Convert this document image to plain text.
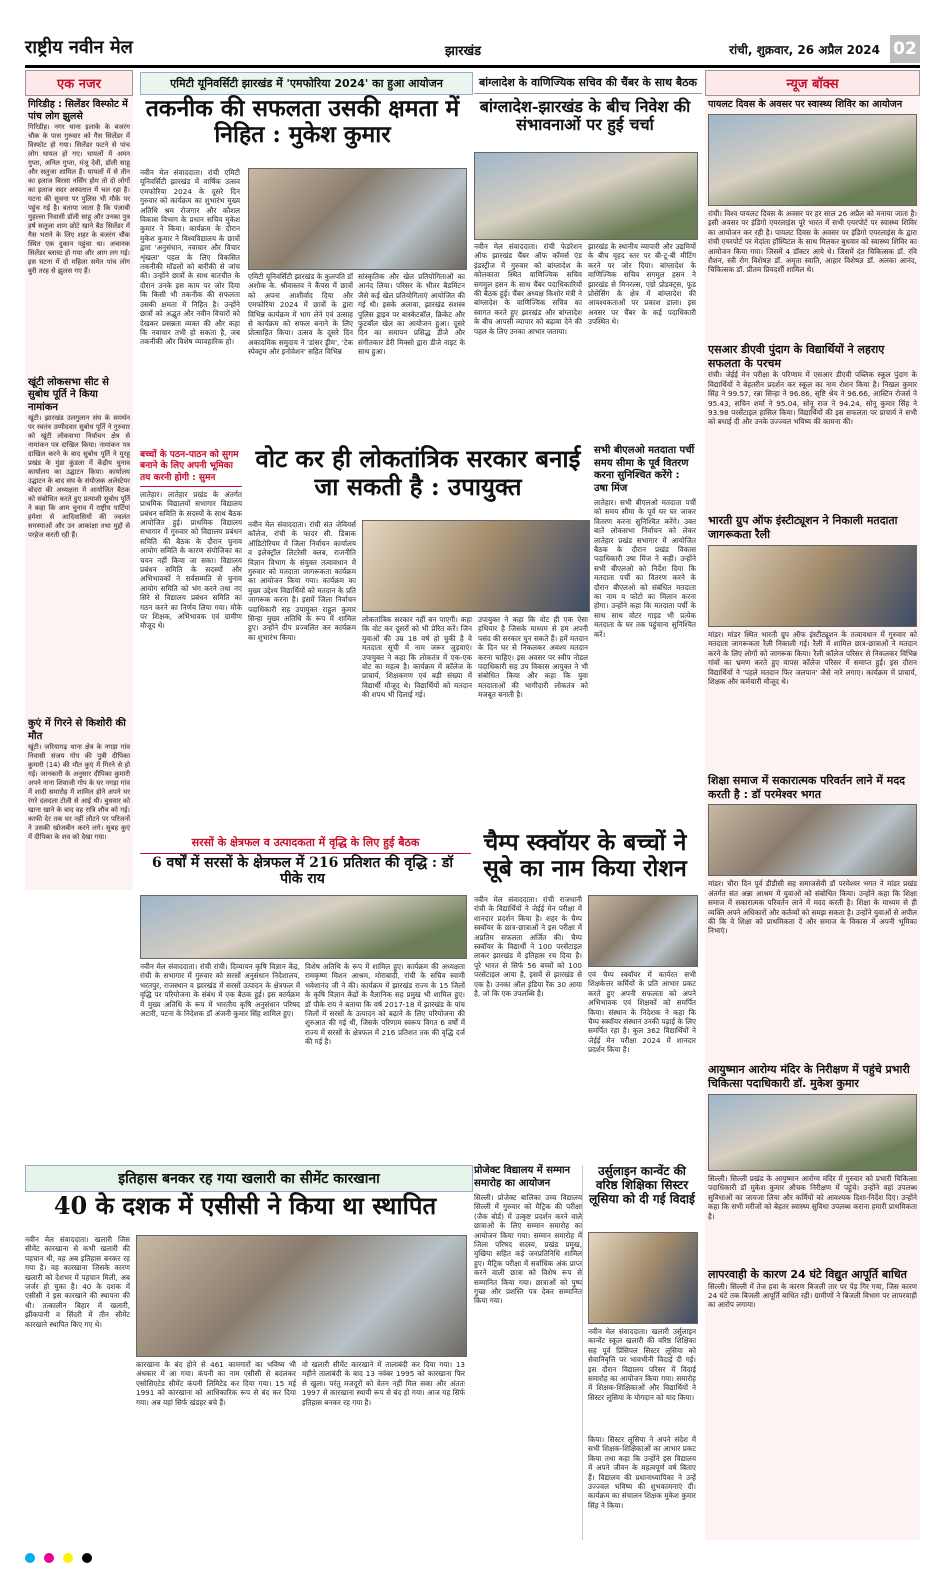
राष्ट्रीय नवीन मेल	झारखंड	रांची, शुक्रवार, 26 अप्रैल 2024 02
एक नजर
गिरिडीह : सिलेंडर विस्फोट में पांच लोग झुलसे
गिरिडीह। नगर थाना इलाके के बजरंग चौक के पास गुरुवार को गैस सिलेंडर में विस्फोट हो गया। सिलेंडर फटने से पांच लोग घायल हो गए। घायलों में अमन गुप्ता, अनिल गुप्ता, मंजू देवी, डॉली साहू और सलुजा शामिल हैं। घायलों में से तीन का इलाज बिरसा नर्सिंग होम तो दो लोगों का इलाज सदर अस्पताल में चल रहा है। घटना की सूचना पर पुलिस भी मौके पर पहुंच गई है। बताया जाता है कि पंजाबी मुहल्ला निवासी डॉली साहू और उनका पुत्र हर्ष सलूजा शाम छोटे खाने बैठ सिलेंडर में गैस भराने के लिए शहर के बजरंग चौक स्थित एक दुकान पहुंचा था। अचानक सिलेंडर ब्लास्ट हो गया और आग लग गई। इस घटना में दो महिला समेत पांच लोग बुरी तरह से झुलस गए हैं।
खूंटी लोकसभा सीट से सुबोध पूर्ति ने किया नामांकन
खूंटी। झारखंड उलगुलान संघ के समर्थन पर स्वतंत्र उम्मीदवार सुबोध पूर्ति ने गुरुवार को खूंटी लोकसभा निर्वाचन क्षेत्र से नामांकन पत्र दाखिल किया। नामांकन पत्र दाखिल करने के बाद सुबोध पूर्ति ने मुरहू प्रखंड के मुंडा कुंडला में केंद्रीय चुनाव कार्यालय का उद्घाटन किया। कार्यालय उद्घाटन के बाद संघ के संयोजक अलेस्टेयर बोदरा की अध्यक्षता में आयोजित बैठक को संबोधित करते हुए प्रत्याशी सुबोध पूर्ति ने कहा कि आम चुनाव में राष्ट्रीय पार्टियां हमेशा से आदिवासियों की ज्वलंत समस्याओं और उन आकांक्षा तथा मुद्दों से परहेज करती रही हैं।
कुएं में गिरने से किशोरी की मौत
खूंटी। जरियागढ़ थाना क्षेत्र के नगड़ा गांव निवासी संजय गोप की पुत्री दीपिका कुमारी (14) की मौत कुएं में गिरने से हो गई। जानकारी के अनुसार दीपिका कुमारी अपने नाना शिवाजी गोप के घर नगड़ा गांव में शादी समारोह में शामिल होने अपने घर रंगरे दलदला टोली से आई थी। बुधवार को खाना खाने के बाद वह रात्रि शौच को गई। काफी देर तक घर नहीं लौटने पर परिजनों ने उसकी खोजबीन करने लगे। सुबह कुएं में दीपिका के शव को देखा गया।
एमिटी यूनिवर्सिटी झारखंड में 'एमफोरिया 2024' का हुआ आयोजन
तकनीक की सफलता उसकी क्षमता में निहित : मुकेश कुमार
नवीन मेल संवाददाता। रांची एमिटी यूनिवर्सिटी झारखंड में वार्षिक उत्सव एमफोरिया 2024 के दूसरे दिन गुरुवार को कार्यक्रम का शुभारंभ मुख्य अतिथि श्रम रोजगार और कौशल विकास विभाग के प्रधान सचिव मुकेश कुमार ने किया। कार्यक्रम के दौरान मुकेश कुमार ने विश्वविद्यालय के छात्रों द्वारा 'अनुसंधान, नवाचार और विचार शृंखला' पहल के लिए विकसित तकनीकी मॉडलों को बारीकी से जांच की। उन्होंने छात्रों के साथ बातचीत के दौरान उनके इस काम पर जोर दिया कि किसी भी तकनीक की सफलता उसकी क्षमता में निहित है। उन्होंने छात्रों को अद्भुत और नवीन विचारों को देखकर प्रसन्नता व्यक्त की और कहा कि नवाचार तभी हो सकता है, जब तकनीकी और विशेष व्यावहारिक हो।
एमिटी यूनिवर्सिटी झारखंड के कुलपति डॉ अशोक के. श्रीवास्तव ने कैंपस में छात्रों को अपना आशीर्वाद दिया और एमफोरिया 2024 में छात्रों के द्वारा विभिन्न कार्यक्रम में भाग लेने एवं उत्साह से कार्यक्रम को सफल बनाने के लिए प्रोत्साहित किया। उत्सव के दूसरे दिन अकादमिक समुदाय ने 'डांसर ड्रीम', 'टेक स्पेक्ट्रम और इनोवेशन' सहित विभिन्न
सांस्कृतिक और खेल प्रतियोगिताओं का आनंद लिया। परिसर के भीतर बैडमिंटन जैसे कई खेल प्रतियोगिताएं आयोजित की गई थी। इसके अलावा, झारखंड सशस्त्र पुलिस ड्राइव पर बास्केटबॉल, क्रिकेट और फुटबॉल खेल का आयोजन हुआ। दूसरे दिन का समापन प्रसिद्ध डीजे और संगीतकार डेरी मिक्सो द्वारा डीजे नाइट के साथ हुआ।
बच्चों के पठन-पाठन को सुगम बनाने के लिए अपनी भूमिका तय करनी होगी : सुमन
लातेहार। लातेहार प्रखंड के अंतर्गत प्राथमिक विद्यालयों सभागार विद्यालय प्रबंधन समिति के सदस्यों के साथ बैठक आयोजित हुई। प्राथमिक विद्यालय सभागार में गुरुवार को विद्यालय प्रबंधन समिति की बैठक के दौरान चुनाव आयोग समिति के कारण संयोजिका का चयन नहीं किया जा सका। विद्यालय प्रबंधन समिति के सदस्यों और अभिभावकों ने सर्वसम्मति से चुनाव आयोग समिति को भंग करने तथा नए सिरे से विद्यालय प्रबंधन समिति का गठन करने का निर्णय लिया गया। मौके पर शिक्षक, अभिभावक एवं ग्रामीण मौजूद थे।
बांग्लादेश के वाणिज्यिक सचिव की चैंबर के साथ बैठक
बांग्लादेश-झारखंड के बीच निवेश की संभावनाओं पर हुई चर्चा
नवीन मेल संवाददाता। रांची फेडरेशन ऑफ झारखंड चैंबर ऑफ कॉमर्स एंड इंडस्ट्रीज में गुरुवार को बांग्लादेश के कोलकाता स्थित वाणिज्यिक सचिव सगमुल हसन के साथ चैंबर पदाधिकारियों की बैठक हुई। चैंबर अध्यक्ष किशोर मंत्री ने बांग्लादेश के वाणिज्यिक सचिव का स्वागत करते हुए झारखंड और बांग्लादेश के बीच आपसी व्यापार को बढ़ावा देने की पहल के लिए उनका आभार जताया।
झारखंड के स्थानीय व्यापारी और उद्यमियों के बीच वृहद स्तर पर बी-टू-बी मीटिंग करने पर जोर दिया। बांग्लादेश के वाणिज्यिक सचिव सगमुल हसन ने झारखंड से मिनरल्स, एग्रो प्रोडक्ट्स, फूड प्रोसेसिंग के क्षेत्र में बांग्लादेश की आवश्यकताओं पर प्रकाश डाला। इस अवसर पर चैंबर के कई पदाधिकारी उपस्थित थे।
वोट कर ही लोकतांत्रिक सरकार बनाई जा सकती है : उपायुक्त
नवीन मेल संवाददाता। रांची संत जेवियर्स कॉलेज, रांची के फादर सी. डिबाक ऑडिटोरियम में जिला निर्वाचन कार्यालय व इलेक्ट्रॉल लिटरेसी क्लब, राजनीति विज्ञान विभाग के संयुक्त तत्वावधान में गुरुवार को मतदाता जागरूकता कार्यक्रम का आयोजन किया गया। कार्यक्रम का मुख्य उद्देश्य विद्यार्थियों को मतदान के प्रति जागरूक करना है। इसमें जिला निर्वाचन पदाधिकारी सह उपायुक्त राहुल कुमार सिन्हा मुख्य अतिथि के रूप में शामिल हुए। उन्होंने दीप प्रज्वलित कर कार्यक्रम का शुभारंभ किया।
लोकतांत्रिक सरकार नहीं बन पाएगी। कहा कि वोट कर दूसरों को भी प्रेरित करें। जिन युवाओं की उम्र 18 वर्ष हो चुकी है वे मतदाता सूची में नाम जरूर जुड़वाएं। उपायुक्त ने कहा कि लोकतंत्र में एक-एक वोट का महत्व है। कार्यक्रम में कॉलेज के प्राचार्य, शिक्षकगण एवं बड़ी संख्या में विद्यार्थी मौजूद थे। विद्यार्थियों को मतदान की शपथ भी दिलाई गई।
उपायुक्त ने कहा कि वोट ही एक ऐसा हथियार है जिसके माध्यम से हम अपनी पसंद की सरकार चुन सकते हैं। हमें मतदान के दिन घर से निकलकर अवश्य मतदान करना चाहिए। इस अवसर पर स्वीप नोडल पदाधिकारी सह उप विकास आयुक्त ने भी संबोधित किया और कहा कि युवा मतदाताओं की भागीदारी लोकतंत्र को मजबूत बनाती है।
सभी बीएलओ मतदाता पर्ची समय सीमा के पूर्व वितरण करना सुनिश्चित करेंगे : उषा मिंज
लातेहार। सभी बीएलओ मतदाता पर्ची को समय सीमा के पूर्व घर घर जाकर वितरण करना सुनिश्चित करेंगे। उक्त बातें लोकसभा निर्वाचन को लेकर लातेहार प्रखंड सभागार में आयोजित बैठक के दौरान प्रखंड विकास पदाधिकारी उषा मिंज ने कही। उन्होंने सभी बीएलओ को निर्देश दिया कि मतदाता पर्ची का वितरण करने के दौरान बीएलओ को संबंधित मतदाता का नाम व फोटो का मिलान करना होगा। उन्होंने कहा कि मतदाता पर्ची के साथ साथ वोटर गाइड भी प्रत्येक मतदाता के घर तक पहुंचाना सुनिश्चित करें।
सरसों के क्षेत्रफल व उत्पादकता में वृद्धि के लिए हुई बैठक
6 वर्षों में सरसों के क्षेत्रफल में 216 प्रतिशत की वृद्धि : डॉ पीके राय
नवीन मेल संवाददाता। रांची रांची। दिव्यायन कृषि विज्ञान केंद्र, रांची के सभागार में गुरुवार को सरसों अनुसंधान निदेशालय, भरतपुर, राजस्थान व झारखंड में सरसों उत्पादन के क्षेत्रफल में वृद्धि पर परियोजना के संबंध में एक बैठक हुई। इस कार्यक्रम में मुख्य अतिथि के रूप में भारतीय कृषि अनुसंधान परिषद अटारी, पटना के निदेशक डॉ अंजनी कुमार सिंह शामिल हुए।
विशेष अतिथि के रूप में शामिल हुए। कार्यक्रम की अध्यक्षता रामकृष्ण मिशन आश्रम, मोराबादी, रांची के सचिव स्वामी भवेशानंद जी ने की। कार्यक्रम में झारखंड राज्य के 15 जिलों के कृषि विज्ञान केंद्रों के वैज्ञानिक सह प्रमुख भी शामिल हुए। डॉ पीके राय ने बताया कि वर्ष 2017-18 में झारखंड के पांच जिलों में सरसों के उत्पादन को बढ़ाने के लिए परियोजना की शुरुआत की गई थी, जिसके परिणाम स्वरूप विगत 6 वर्षों में राज्य में सरसों के क्षेत्रफल में 216 प्रतिशत तक की वृद्धि दर्ज की गई है।
चैम्प स्क्वॉयर के बच्चों ने सूबे का नाम किया रोशन
नवीन मेल संवाददाता। रांची राजधानी रांची के विद्यार्थियों ने जेईई मेन परीक्षा में शानदार प्रदर्शन किया है। शहर के चैम्प स्क्वॉयर के छात्र-छात्राओं ने इस परीक्षा में अप्रतिम सफलता अर्जित की। चैम्प स्क्वॉयर के विद्यार्थी ने 100 परसेंटाइल लाकर झारखंड में इतिहास रच दिया है। पूरे भारत से सिर्फ 56 बच्चों को 100 परसेंटाइल आया है, इसमें से झारखंड से एक है। उनका ऑल इंडिया रैंक 30 आया है, जो कि एक उपलब्धि है।
एवं चैम्प स्क्वॉयर में कार्यरत सभी शिक्षकेत्तर कर्मियों के प्रति आभार प्रकट करते हुए अपनी सफलता को अपने अभिभावक एवं शिक्षकों को समर्पित किया। संस्थान के निदेशक ने कहा कि चैम्प स्क्वॉयर संस्थान उनकी पढ़ाई के लिए समर्पित रहा है। कुल 362 विद्यार्थियों ने जेईई मेन परीक्षा 2024 में शानदार प्रदर्शन किया है।
न्यूज बॉक्स
पायलट दिवस के अवसर पर स्वास्थ्य शिविर का आयोजन
रांची। विश्व पायलट दिवस के अवसर पर हर साल 26 अप्रैल को मनाया जाता है। इसी अवसर पर इंडिगो एयरलाइंस पूरे भारत में सभी एयरपोर्ट पर स्वास्थ्य शिविर का आयोजन कर रही है। पायलट दिवस के अवसर पर इंडिगो एयरलाइंस के द्वारा रांची एयरपोर्ट पर मेदांता हॉस्पिटल के साथ मिलकर बुधवार को स्वास्थ्य शिविर का आयोजन किया गया। जिसमें 4 डॉक्टर आये थे। जिसमें दंत चिकित्सक डॉ. रवि रौशन, स्त्री रोग विशेषज्ञ डॉ. अमृता स्वाति, आहार विशेषज्ञ डॉ. अलका आनंद, चिकित्सक डॉ. प्रीतम प्रियदर्शी शामिल थे।
एसआर डीएवी पुंदाग के विद्यार्थियों ने लहराए सफलता के परचम
रांची। जेईई मेन परीक्षा के परिणाम में एसआर डीएवी पब्लिक स्कूल पुंदाग के विद्यार्थियों ने बेहतरीन प्रदर्शन कर स्कूल का नाम रोशन किया है। निखल कुमार सिंह ने 99.57, रन्ना सिन्हा ने 96.86, सृष्टि श्रेय ने 96.66, आस्टिन रोजर्स ने 95.43, सचिन शर्मा ने 95.04, सोनू राज ने 94.24, सोनू कुमार सिंह ने 93.98 परसेंटाइल हासिल किया। विद्यार्थियों की इस सफलता पर प्राचार्य ने सभी को बधाई दी और उनके उज्ज्वल भविष्य की कामना की।
भारती ग्रुप ऑफ इंस्टीट्यूशन ने निकाली मतदाता जागरूकता रैली
मांडर। मांडर स्थित भारती ग्रुप ऑफ इंस्टीट्यूशन के तत्वावधान में गुरुवार को मतदाता जागरूकता रैली निकाली गई। रैली में शामिल छात्र-छात्राओं ने मतदान करने के लिए लोगों को जागरूक किया। रैली कॉलेज परिसर से निकलकर विभिन्न गांवों का भ्रमण करते हुए वापस कॉलेज परिसर में समाप्त हुई। इस दौरान विद्यार्थियों ने 'पहले मतदान फिर जलपान' जैसे नारे लगाए। कार्यक्रम में प्राचार्य, शिक्षक और कर्मचारी मौजूद थे।
शिक्षा समाज में सकारात्मक परिवर्तन लाने में मदद करती है : डॉ परमेश्वर भगत
मांडर। चौरा दिन पूर्व डीडीसी सह समाजसेवी डॉ परमेश्वर भगत ने मांडर प्रखंड अंतर्गत संत अन्ना आश्रम में युवाओं को संबोधित किया। उन्होंने कहा कि शिक्षा समाज में सकारात्मक परिवर्तन लाने में मदद करती है। शिक्षा के माध्यम से ही व्यक्ति अपने अधिकारों और कर्तव्यों को समझ सकता है। उन्होंने युवाओं से अपील की कि वे शिक्षा को प्राथमिकता दें और समाज के विकास में अपनी भूमिका निभाएं।
आयुष्मान आरोग्य मंदिर के निरीक्षण में पहुंचे प्रभारी चिकित्सा पदाधिकारी डॉ. मुकेश कुमार
सिल्ली। सिल्ली प्रखंड के आयुष्मान आरोग्य मंदिर में गुरुवार को प्रभारी चिकित्सा पदाधिकारी डॉ मुकेश कुमार औचक निरीक्षण में पहुंचे। उन्होंने वहां उपलब्ध सुविधाओं का जायजा लिया और कर्मियों को आवश्यक दिशा-निर्देश दिए। उन्होंने कहा कि सभी मरीजों को बेहतर स्वास्थ्य सुविधा उपलब्ध कराना हमारी प्राथमिकता है।
लापरवाही के कारण 24 घंटे विद्युत आपूर्ति बाधित
सिल्ली। सिल्ली में तेज हवा के कारण बिजली तार पर पेड़ गिर गया, जिस कारण 24 घंटे तक बिजली आपूर्ति बाधित रही। ग्रामीणों ने बिजली विभाग पर लापरवाही का आरोप लगाया।
इतिहास बनकर रह गया खलारी का सीमेंट कारखाना
40 के दशक में एसीसी ने किया था स्थापित
नवीन मेल संवाददाता। खलारी जिस सीमेंट कारखाना से कभी खलारी की पहचान थी, वह अब इतिहास बनकर रह गया है। वह कारखाना जिसके कारण खलारी को देशभर में पहचान मिली, अब जर्जर हो चुका है। 40 के दशक में एसीसी ने इस कारखाने की स्थापना की थी। तत्कालीन बिहार में खलारी, झींकपानी व सिंदरी में तीन सीमेंट कारखाने स्थापित किए गए थे।
कारखाना के बंद होने से 461 कामगारों का भविष्य भी अंधकार में आ गया। कंपनी का नाम एसीसी से बदलकर एसोसिएटेड सीमेंट कंपनी लिमिटेड कर दिया गया। 15 मई 1991 को कारखाना को आधिकारिक रूप से बंद कर दिया गया। अब यहां सिर्फ खंडहर बचे हैं।
वो खलारी सीमेंट कारखाने में तालाबंदी कर दिया गया। 13 महीने तालाबंदी के बाद 13 नवंबर 1995 को कारखाना फिर से खुला। परंतु मजदूरों को वेतन नहीं मिल सका और अंततः 1997 से कारखाना स्थायी रूप से बंद हो गया। आज यह सिर्फ इतिहास बनकर रह गया है।
प्रोजेक्ट विद्यालय में सम्मान समारोह का आयोजन
सिल्ली। प्रोजेक्ट बालिका उच्च विद्यालय सिल्ली में गुरुवार को मैट्रिक की परीक्षा (जैक बोर्ड) में उत्कृष्ट प्रदर्शन करने वाले छात्राओं के लिए सम्मान समारोह का आयोजन किया गया। सम्मान समारोह में जिला परिषद सदस्य, प्रखंड प्रमुख, मुखिया सहित कई जनप्रतिनिधि शामिल हुए। मैट्रिक परीक्षा में सर्वाधिक अंक प्राप्त करने वाली छात्रा को विशेष रूप से सम्मानित किया गया। छात्राओं को पुष्प गुच्छ और प्रशस्ति पत्र देकर सम्मानित किया गया।
उर्सुलाइन कान्वेंट की वरिष्ठ शिक्षिका सिस्टर लूसिया को दी गई विदाई
नवीन मेल संवाददाता। खलारी उर्सुलाइन कान्वेंट स्कूल खलारी की वरिष्ठ शिक्षिका सह पूर्व प्रिंसिपल सिस्टर लूसिया को सेवानिवृत्ति पर भावभीनी विदाई दी गई। इस दौरान विद्यालय परिसर में विदाई समारोह का आयोजन किया गया। समारोह में शिक्षक-शिक्षिकाओं और विद्यार्थियों ने सिस्टर लूसिया के योगदान को याद किया।
किया। सिस्टर लूसिया ने अपने संदेश में सभी शिक्षक-शिक्षिकाओं का आभार प्रकट किया तथा कहा कि उन्होंने इस विद्यालय में अपने जीवन के महत्वपूर्ण वर्ष बिताए हैं। विद्यालय की प्रधानाध्यापिका ने उन्हें उज्ज्वल भविष्य की शुभकामनाएं दीं। कार्यक्रम का संचालन शिक्षक मुकेश कुमार सिंह ने किया।
